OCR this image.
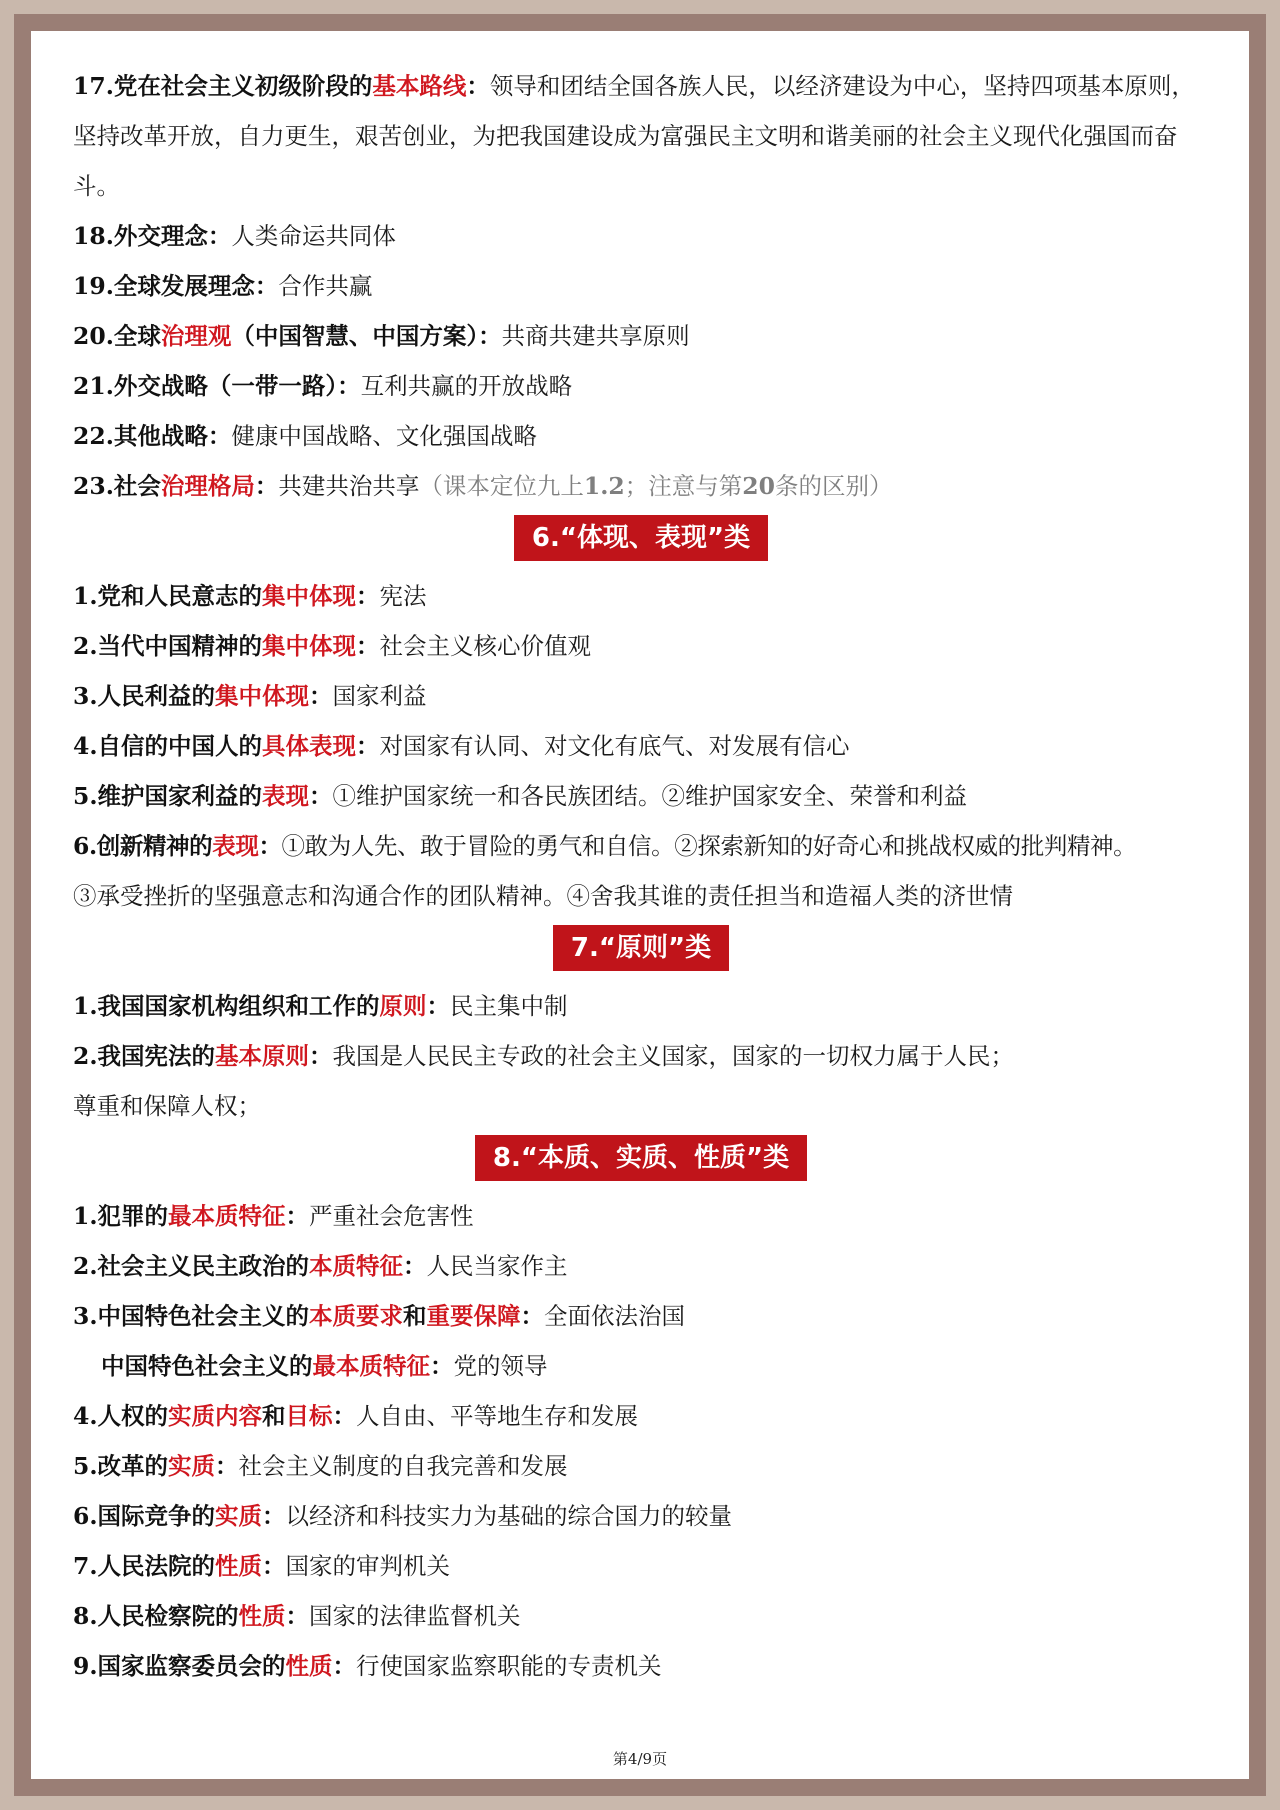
17.党在社会主义初级阶段的基本路线：领导和团结全国各族人民，以经济建设为中心，坚持四项基本原则，坚持改革开放，自力更生，艰苦创业，为把我国建设成为富强民主文明和谐美丽的社会主义现代化强国而奋斗。
18.外交理念：人类命运共同体
19.全球发展理念：合作共赢
20.全球治理观（中国智慧、中国方案）：共商共建共享原则
21.外交战略（一带一路）：互利共赢的开放战略
22.其他战略：健康中国战略、文化强国战略
23.社会治理格局：共建共治共享（课本定位九上1.2；注意与第20条的区别）
6.“体现、表现”类
1.党和人民意志的集中体现：宪法
2.当代中国精神的集中体现：社会主义核心价值观
3.人民利益的集中体现：国家利益
4.自信的中国人的具体表现：对国家有认同、对文化有底气、对发展有信心
5.维护国家利益的表现：①维护国家统一和各民族团结。②维护国家安全、荣誉和利益
6.创新精神的表现：①敢为人先、敢于冒险的勇气和自信。②探索新知的好奇心和挑战权威的批判精神。
③承受挫折的坚强意志和沟通合作的团队精神。④舍我其谁的责任担当和造福人类的济世情
7.“原则”类
1.我国国家机构组织和工作的原则：民主集中制
2.我国宪法的基本原则：我国是人民民主专政的社会主义国家，国家的一切权力属于人民；
尊重和保障人权；
8.“本质、实质、性质”类
1.犯罪的最本质特征：严重社会危害性
2.社会主义民主政治的本质特征：人民当家作主
3.中国特色社会主义的本质要求和重要保障：全面依法治国
中国特色社会主义的最本质特征：党的领导
4.人权的实质内容和目标：人自由、平等地生存和发展
5.改革的实质：社会主义制度的自我完善和发展
6.国际竞争的实质：以经济和科技实力为基础的综合国力的较量
7.人民法院的性质：国家的审判机关
8.人民检察院的性质：国家的法律监督机关
9.国家监察委员会的性质：行使国家监察职能的专责机关
第4/9页
